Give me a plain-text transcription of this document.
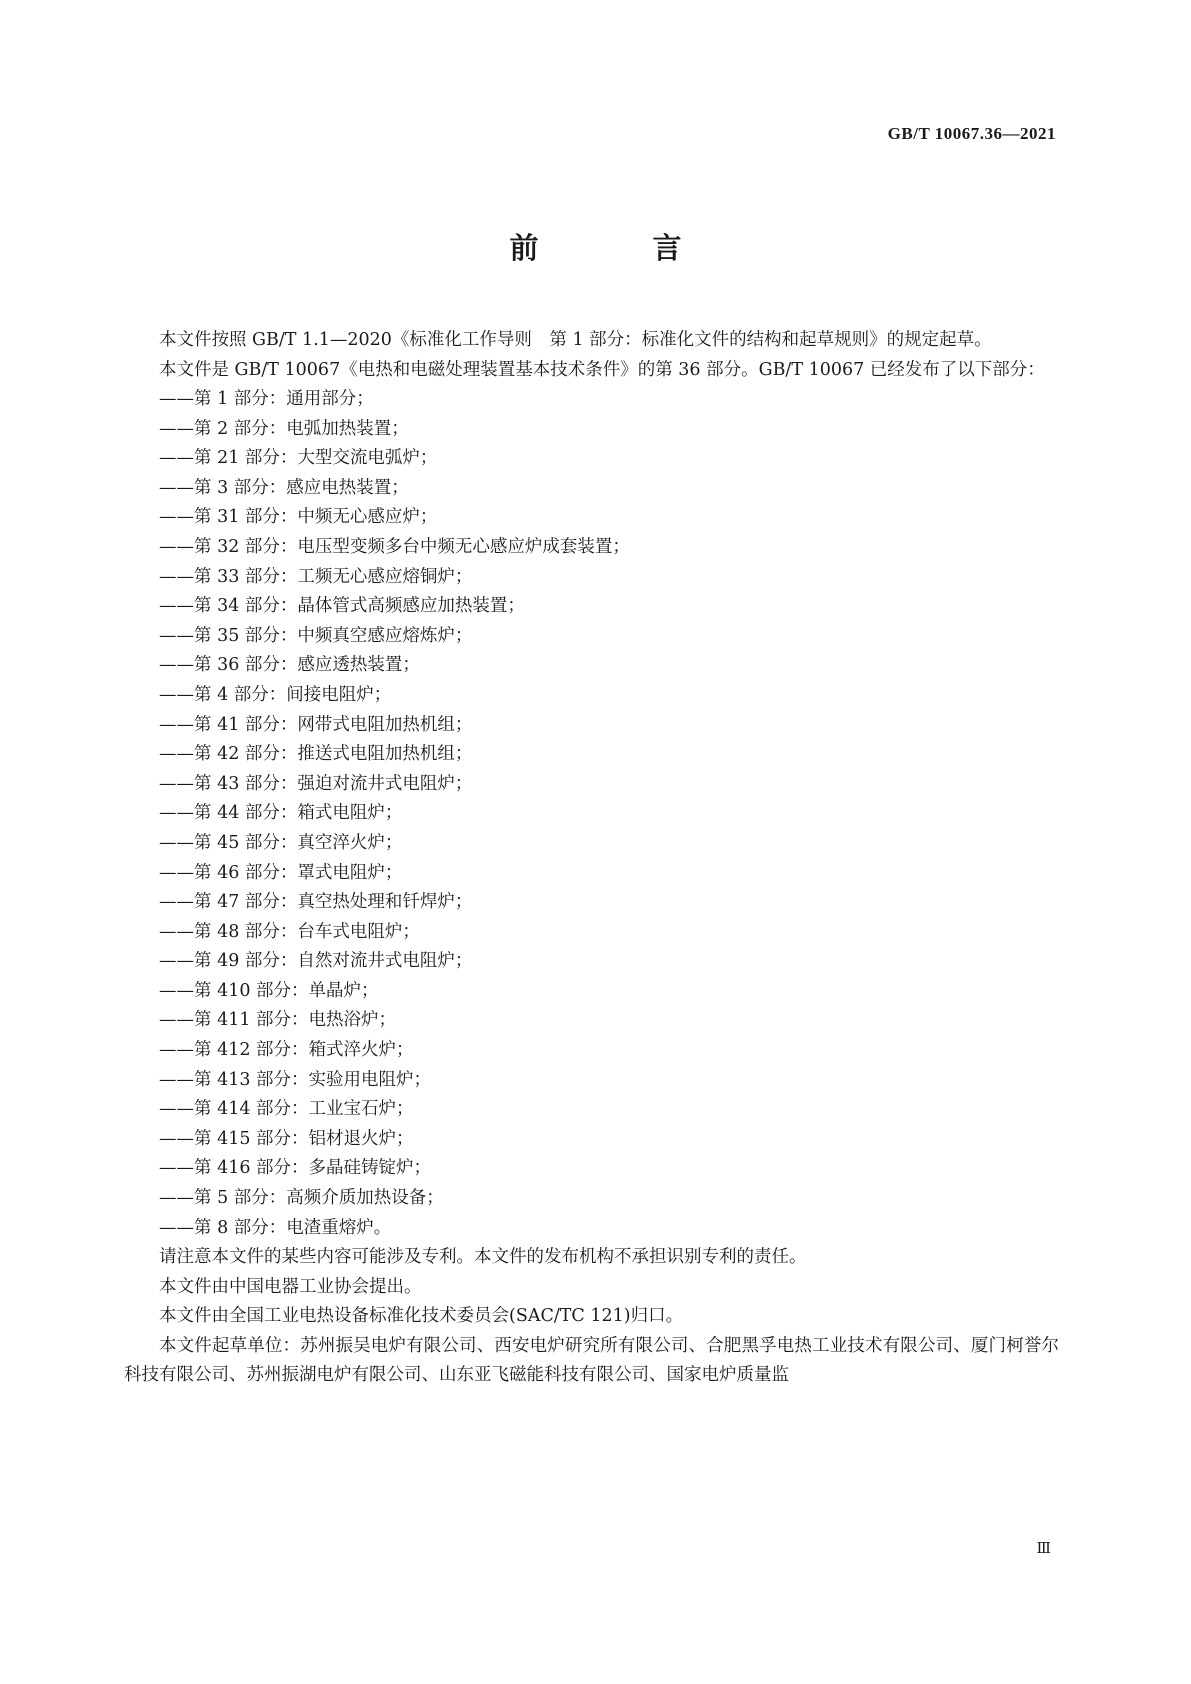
GB/T 10067.36—2021
前 言

本文件按照 GB/T 1.1—2020《标准化工作导则　第 1 部分：标准化文件的结构和起草规则》的规定起草。

本文件是 GB/T 10067《电热和电磁处理装置基本技术条件》的第 36 部分。GB/T 10067 已经发布了以下部分：

——第 1 部分：通用部分；
——第 2 部分：电弧加热装置；
——第 21 部分：大型交流电弧炉；
——第 3 部分：感应电热装置；
——第 31 部分：中频无心感应炉；
——第 32 部分：电压型变频多台中频无心感应炉成套装置；
——第 33 部分：工频无心感应熔铜炉；
——第 34 部分：晶体管式高频感应加热装置；
——第 35 部分：中频真空感应熔炼炉；
——第 36 部分：感应透热装置；
——第 4 部分：间接电阻炉；
——第 41 部分：网带式电阻加热机组；
——第 42 部分：推送式电阻加热机组；
——第 43 部分：强迫对流井式电阻炉；
——第 44 部分：箱式电阻炉；
——第 45 部分：真空淬火炉；
——第 46 部分：罩式电阻炉；
——第 47 部分：真空热处理和钎焊炉；
——第 48 部分：台车式电阻炉；
——第 49 部分：自然对流井式电阻炉；
——第 410 部分：单晶炉；
——第 411 部分：电热浴炉；
——第 412 部分：箱式淬火炉；
——第 413 部分：实验用电阻炉；
——第 414 部分：工业宝石炉；
——第 415 部分：铝材退火炉；
——第 416 部分：多晶硅铸锭炉；
——第 5 部分：高频介质加热设备；
——第 8 部分：电渣重熔炉。

请注意本文件的某些内容可能涉及专利。本文件的发布机构不承担识别专利的责任。

本文件由中国电器工业协会提出。

本文件由全国工业电热设备标准化技术委员会(SAC/TC 121)归口。

本文件起草单位：苏州振吴电炉有限公司、西安电炉研究所有限公司、合肥黑孚电热工业技术有限公司、厦门柯誉尔科技有限公司、苏州振湖电炉有限公司、山东亚飞磁能科技有限公司、国家电炉质量监

Ⅲ
